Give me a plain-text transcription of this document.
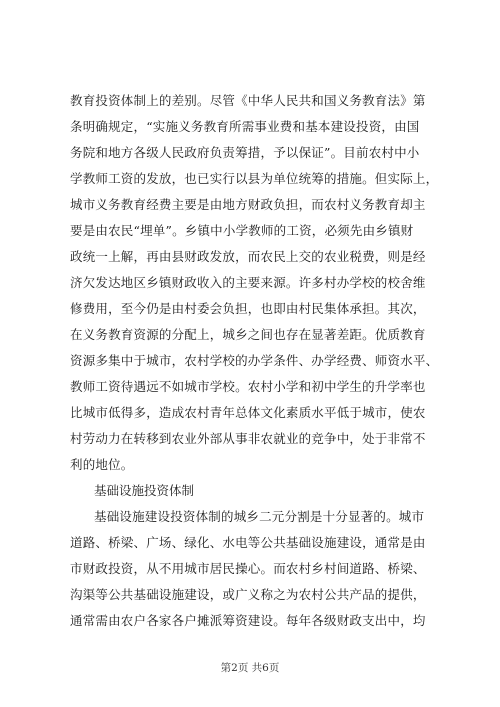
教育投资体制上的差别。尽管《中华人民共和国义务教育法》第
条明确规定，“实施义务教育所需事业费和基本建设投资，由国
务院和地方各级人民政府负责筹措，予以保证”。目前农村中小
学教师工资的发放，也已实行以县为单位统筹的措施。但实际上，
城市义务教育经费主要是由地方财政负担，而农村义务教育却主
要是由农民“埋单”。乡镇中小学教师的工资，必须先由乡镇财
政统一上解，再由县财政发放，而农民上交的农业税费，则是经
济欠发达地区乡镇财政收入的主要来源。许多村办学校的校舍维
修费用，至今仍是由村委会负担，也即由村民集体承担。其次，
在义务教育资源的分配上，城乡之间也存在显著差距。优质教育
资源多集中于城市，农村学校的办学条件、办学经费、师资水平、
教师工资待遇远不如城市学校。农村小学和初中学生的升学率也
比城市低得多，造成农村青年总体文化素质水平低于城市，使农
村劳动力在转移到农业外部从事非农就业的竞争中，处于非常不
利的地位。
基础设施投资体制
基础设施建设投资体制的城乡二元分割是十分显著的。城市
道路、桥梁、广场、绿化、水电等公共基础设施建设，通常是由
市财政投资，从不用城市居民操心。而农村乡村间道路、桥梁、
沟渠等公共基础设施建设，或广义称之为农村公共产品的提供，
通常需由农户各家各户摊派筹资建设。每年各级财政支出中，均
第2页 共6页
